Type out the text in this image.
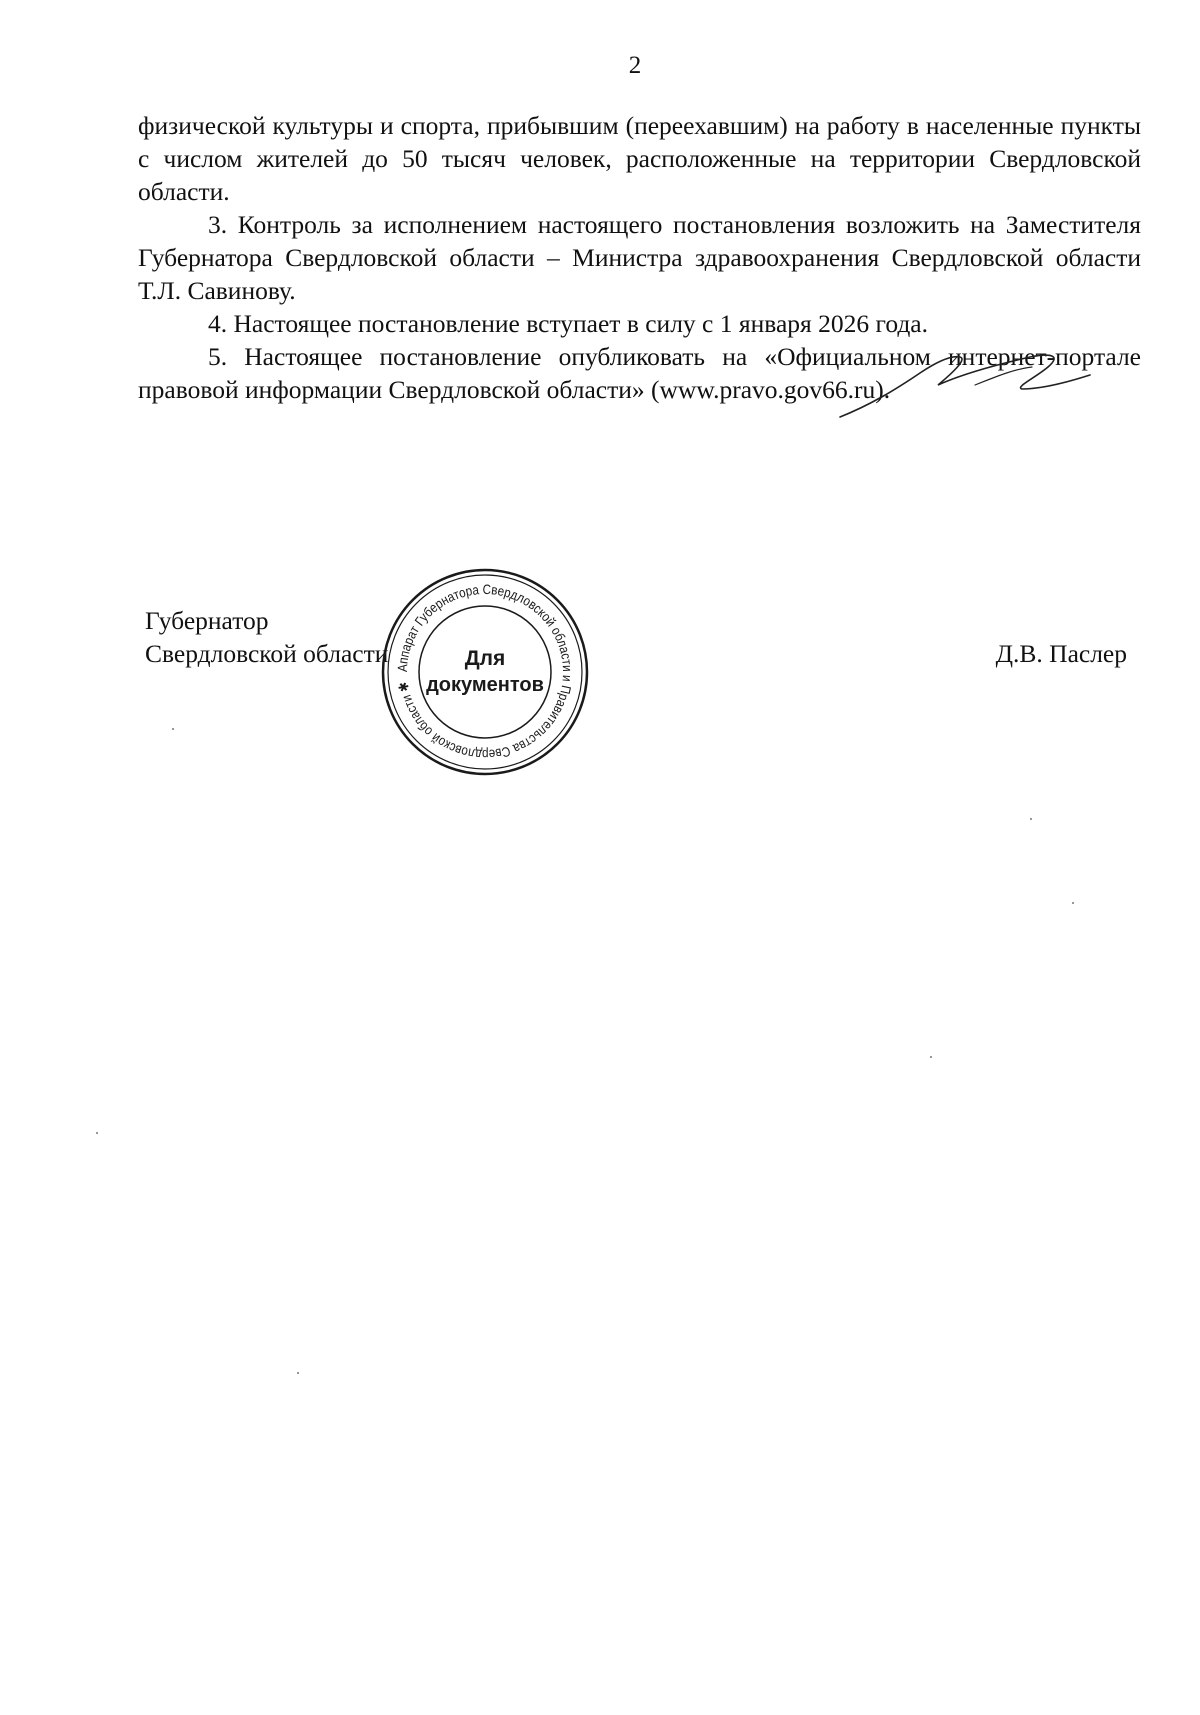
2

физической культуры и спорта, прибывшим (переехавшим) на работу в населенные пункты с числом жителей до 50 тысяч человек, расположенные на территории Свердловской области.

3. Контроль за исполнением настоящего постановления возложить на Заместителя Губернатора Свердловской области – Министра здравоохранения Свердловской области Т.Л. Савинову.

4. Настоящее постановление вступает в силу с 1 января 2026 года.

5. Настоящее постановление опубликовать на «Официальном интернет-портале правовой информации Свердловской области» (www.pravo.gov66.ru).

Губернатор
Свердловской области	Д.В. Паслер
Аппарат Губернатора Свердловской области и Правительства Свердловской области ✱
Для
документов
